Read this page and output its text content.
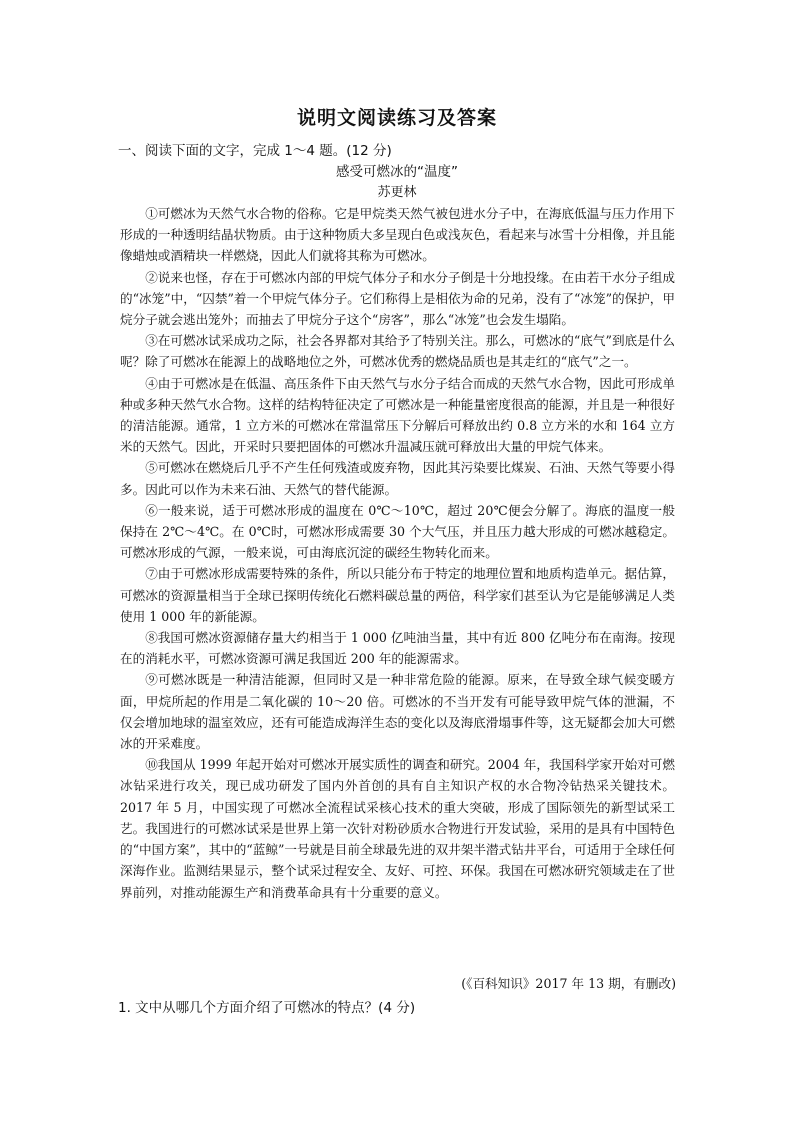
说明文阅读练习及答案
一、阅读下面的文字，完成 1～4 题。(12 分)
感受可燃冰的“温度”
苏更林

①可燃冰为天然气水合物的俗称。它是甲烷类天然气被包进水分子中，在海底低温与压力作用下形成的一种透明结晶状物质。由于这种物质大多呈现白色或浅灰色，看起来与冰雪十分相像，并且能像蜡烛或酒精块一样燃烧，因此人们就将其称为可燃冰。

②说来也怪，存在于可燃冰内部的甲烷气体分子和水分子倒是十分地投缘。在由若干水分子组成的“冰笼”中，“囚禁”着一个甲烷气体分子。它们称得上是相依为命的兄弟，没有了“冰笼”的保护，甲烷分子就会逃出笼外；而抽去了甲烷分子这个“房客”，那么“冰笼”也会发生塌陷。

③在可燃冰试采成功之际，社会各界都对其给予了特别关注。那么，可燃冰的“底气”到底是什么呢？除了可燃冰在能源上的战略地位之外，可燃冰优秀的燃烧品质也是其走红的“底气”之一。

④由于可燃冰是在低温、高压条件下由天然气与水分子结合而成的天然气水合物，因此可形成单种或多种天然气水合物。这样的结构特征决定了可燃冰是一种能量密度很高的能源，并且是一种很好的清洁能源。通常，1 立方米的可燃冰在常温常压下分解后可释放出约 0.8 立方米的水和 164 立方米的天然气。因此，开采时只要把固体的可燃冰升温减压就可释放出大量的甲烷气体来。

⑤可燃冰在燃烧后几乎不产生任何残渣或废弃物，因此其污染要比煤炭、石油、天然气等要小得多。因此可以作为未来石油、天然气的替代能源。

⑥一般来说，适于可燃冰形成的温度在 0℃～10℃，超过 20℃便会分解了。海底的温度一般保持在 2℃～4℃。在 0℃时，可燃冰形成需要 30 个大气压，并且压力越大形成的可燃冰越稳定。可燃冰形成的气源，一般来说，可由海底沉淀的碳经生物转化而来。

⑦由于可燃冰形成需要特殊的条件，所以只能分布于特定的地理位置和地质构造单元。据估算，可燃冰的资源量相当于全球已探明传统化石燃料碳总量的两倍，科学家们甚至认为它是能够满足人类使用 1 000 年的新能源。

⑧我国可燃冰资源储存量大约相当于 1 000 亿吨油当量，其中有近 800 亿吨分布在南海。按现在的消耗水平，可燃冰资源可满足我国近 200 年的能源需求。

⑨可燃冰既是一种清洁能源，但同时又是一种非常危险的能源。原来，在导致全球气候变暖方面，甲烷所起的作用是二氧化碳的 10～20 倍。可燃冰的不当开发有可能导致甲烷气体的泄漏，不仅会增加地球的温室效应，还有可能造成海洋生态的变化以及海底滑塌事件等，这无疑都会加大可燃冰的开采难度。

⑩我国从 1999 年起开始对可燃冰开展实质性的调查和研究。2004 年，我国科学家开始对可燃冰钻采进行攻关，现已成功研发了国内外首创的具有自主知识产权的水合物冷钻热采关键技术。2017 年 5 月，中国实现了可燃冰全流程试采核心技术的重大突破，形成了国际领先的新型试采工艺。我国进行的可燃冰试采是世界上第一次针对粉砂质水合物进行开发试验，采用的是具有中国特色的“中国方案”，其中的“蓝鲸”一号就是目前全球最先进的双井架半潜式钻井平台，可适用于全球任何深海作业。监测结果显示，整个试采过程安全、友好、可控、环保。我国在可燃冰研究领域走在了世界前列，对推动能源生产和消费革命具有十分重要的意义。

(《百科知识》2017 年 13 期，有删改)
1. 文中从哪几个方面介绍了可燃冰的特点？(4 分)
